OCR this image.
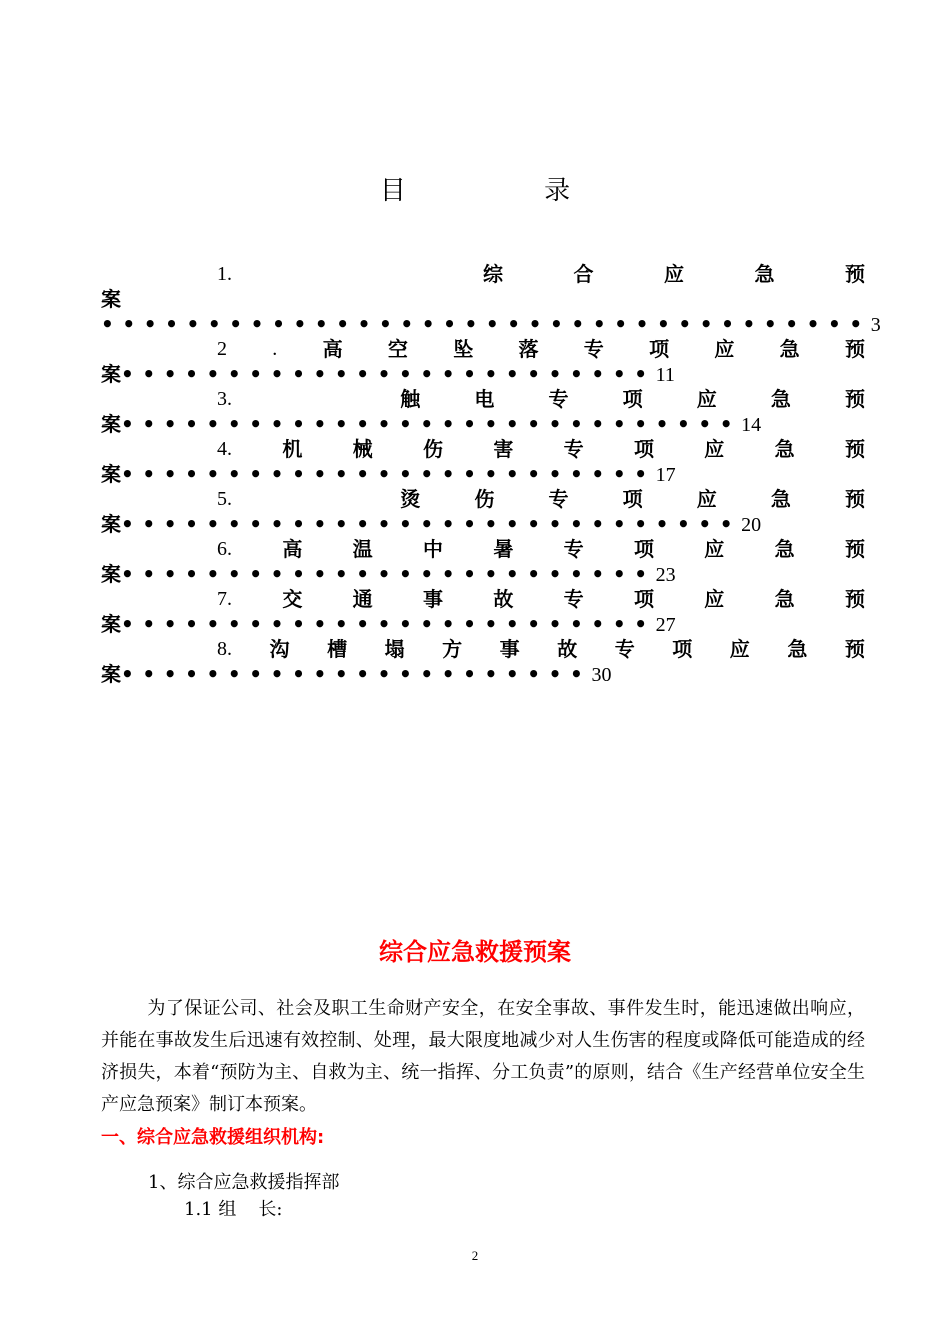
目	录
1.	综	合	应	急	预
案
••••••••••••••••••••••••••••••••••••3
2 . 高 空 坠 落 专 项 应 急 预
案•••••••••••••••••••••••••11
3.	触	电	专	项	应	急	预
案•••••••••••••••••••••••••••••14
4.	机	械	伤	害	专	项	应	急	预
案•••••••••••••••••••••••••17
5.	烫	伤	专	项	应	急	预
案•••••••••••••••••••••••••••••20
6.	高	温	中	暑	专	项	应	急	预
案•••••••••••••••••••••••••23
7.	交	通	事	故	专	项	应	急	预
案•••••••••••••••••••••••••27
8. 沟 槽 塌 方 事 故 专 项 应 急 预
案••••••••••••••••••••••30
综合应急救援预案
为了保证公司、社会及职工生命财产安全，在安全事故、事件发生时，能迅速做出响应，并能在事故发生后迅速有效控制、处理，最大限度地减少对人生伤害的程度或降低可能造成的经济损失，本着“预防为主、自救为主、统一指挥、分工负责”的原则，结合《生产经营单位安全生产应急预案》制订本预案。
一、综合应急救援组织机构:
1、综合应急救援指挥部
1.1 组 长:
2
